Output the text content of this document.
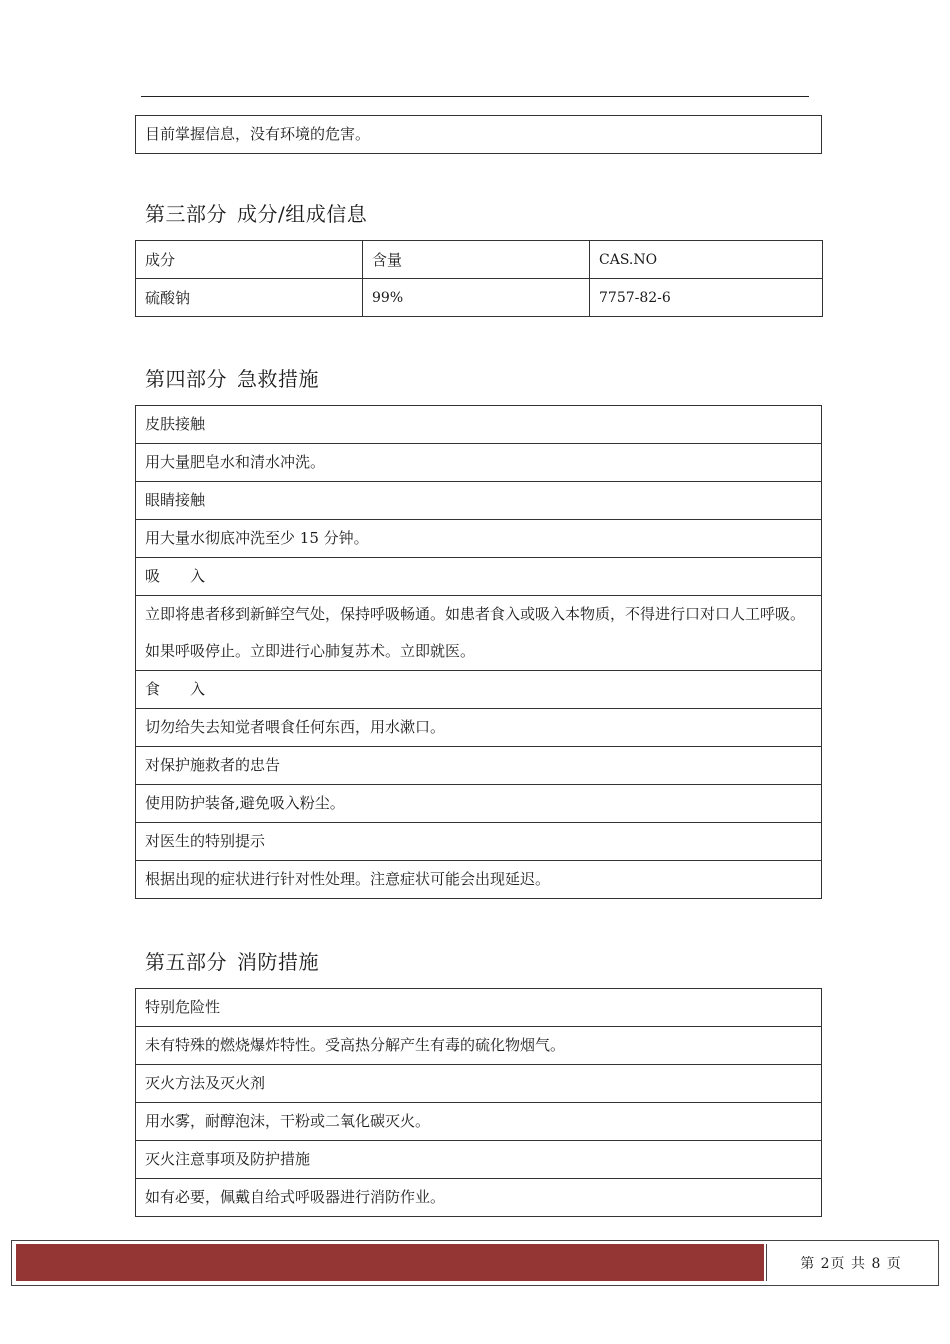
目前掌握信息，没有环境的危害。
第三部分 成分/组成信息
成分	含量	CAS.NO
硫酸钠	99%	7757-82-6
第四部分 急救措施
皮肤接触
用大量肥皂水和清水冲洗。
眼睛接触
用大量水彻底冲洗至少 15 分钟。
吸　　入
立即将患者移到新鲜空气处，保持呼吸畅通。如患者食入或吸入本物质，不得进行口对口人工呼吸。如果呼吸停止。立即进行心肺复苏术。立即就医。
食　　入
切勿给失去知觉者喂食任何东西，用水漱口。
对保护施救者的忠告
使用防护装备,避免吸入粉尘。
对医生的特别提示
根据出现的症状进行针对性处理。注意症状可能会出现延迟。
第五部分 消防措施
特别危险性
未有特殊的燃烧爆炸特性。受高热分解产生有毒的硫化物烟气。
灭火方法及灭火剂
用水雾，耐醇泡沫，干粉或二氧化碳灭火。
灭火注意事项及防护措施
如有必要，佩戴自给式呼吸器进行消防作业。
第 2页 共 8 页
